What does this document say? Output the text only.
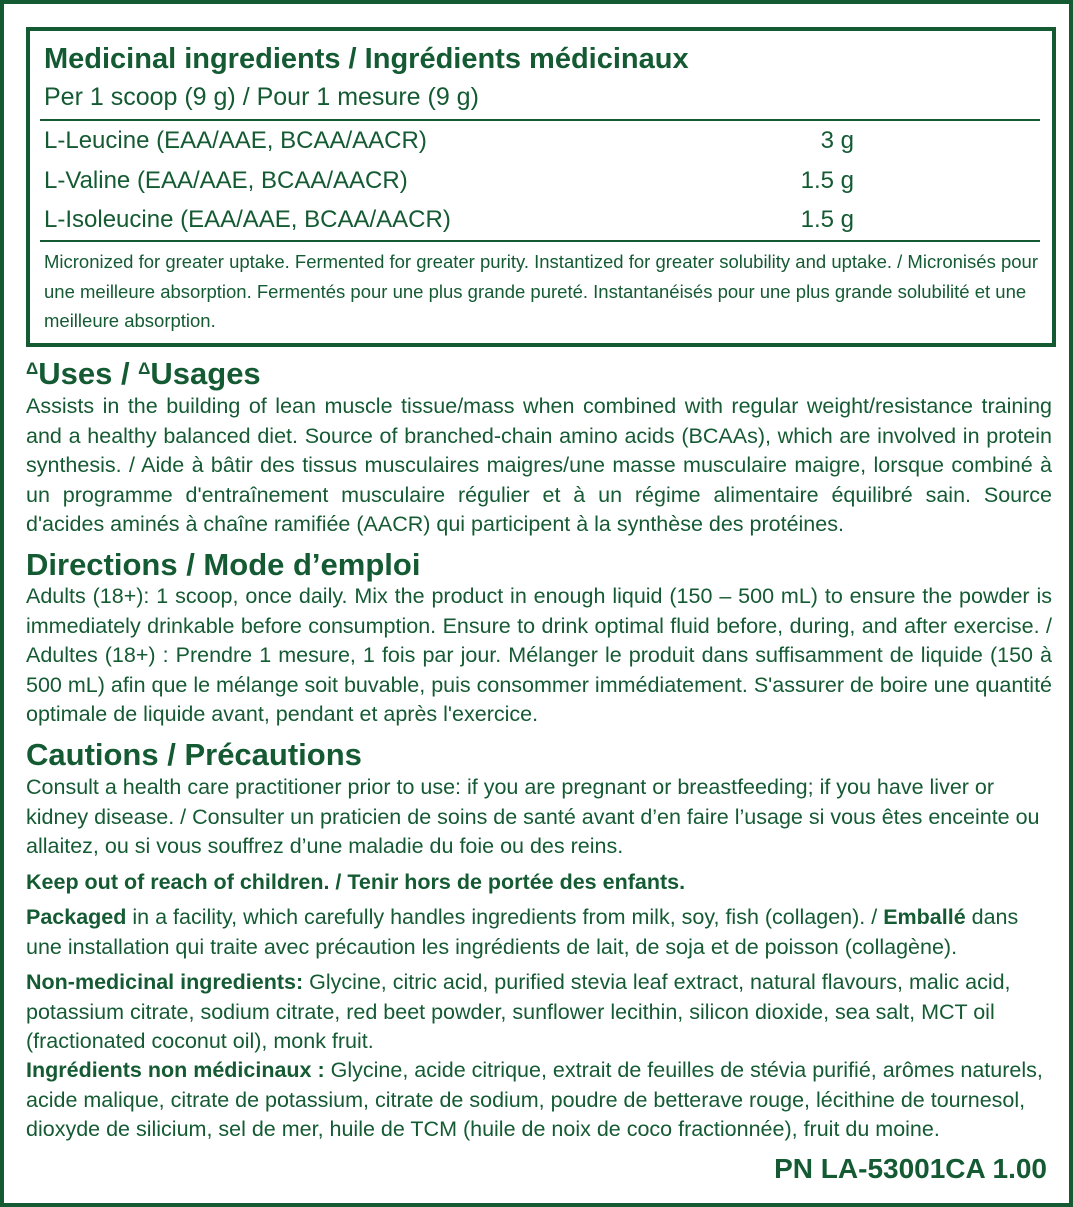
Medicinal ingredients / Ingrédients médicinaux
Per 1 scoop (9 g) / Pour 1 mesure (9 g)
L-Leucine (EAA/AAE, BCAA/AACR)	3 g
L-Valine (EAA/AAE, BCAA/AACR)	1.5 g
L-Isoleucine (EAA/AAE, BCAA/AACR)	1.5 g
Micronized for greater uptake. Fermented for greater purity. Instantized for greater solubility and uptake. / Micronisés pour une meilleure absorption. Fermentés pour une plus grande pureté. Instantanéisés pour une plus grande solubilité et une meilleure absorption.
$^\Delta$Uses / $^\Delta$Usages
Assists in the building of lean muscle tissue/mass when combined with regular weight/resistance training and a healthy balanced diet. Source of branched-chain amino acids (BCAAs), which are involved in protein synthesis. / Aide à bâtir des tissus musculaires maigres/une masse musculaire maigre, lorsque combiné à un programme d'entraînement musculaire régulier et à un régime alimentaire équilibré sain. Source d'acides aminés à chaîne ramifiée (AACR) qui participent à la synthèse des protéines.
Directions / Mode d’emploi
Adults (18+): 1 scoop, once daily. Mix the product in enough liquid (150 – 500 mL) to ensure the powder is immediately drinkable before consumption. Ensure to drink optimal fluid before, during, and after exercise. / Adultes (18+) : Prendre 1 mesure, 1 fois par jour. Mélanger le produit dans suffisamment de liquide (150 à 500 mL) afin que le mélange soit buvable, puis consommer immédiatement. S'assurer de boire une quantité optimale de liquide avant, pendant et après l'exercice.
Cautions / Précautions
Consult a health care practitioner prior to use: if you are pregnant or breastfeeding; if you have liver or kidney disease. / Consulter un praticien de soins de santé avant d’en faire l’usage si vous êtes enceinte ou allaitez, ou si vous souffrez d’une maladie du foie ou des reins.
Keep out of reach of children. / Tenir hors de portée des enfants.
Packaged in a facility, which carefully handles ingredients from milk, soy, fish (collagen). / Emballé dans une installation qui traite avec précaution les ingrédients de lait, de soja et de poisson (collagène).
Non-medicinal ingredients: Glycine, citric acid, purified stevia leaf extract, natural flavours, malic acid, potassium citrate, sodium citrate, red beet powder, sunflower lecithin, silicon dioxide, sea salt, MCT oil (fractionated coconut oil), monk fruit.
Ingrédients non médicinaux : Glycine, acide citrique, extrait de feuilles de stévia purifié, arômes naturels, acide malique, citrate de potassium, citrate de sodium, poudre de betterave rouge, lécithine de tournesol, dioxyde de silicium, sel de mer, huile de TCM (huile de noix de coco fractionnée), fruit du moine.
PN LA-53001CA 1.00
